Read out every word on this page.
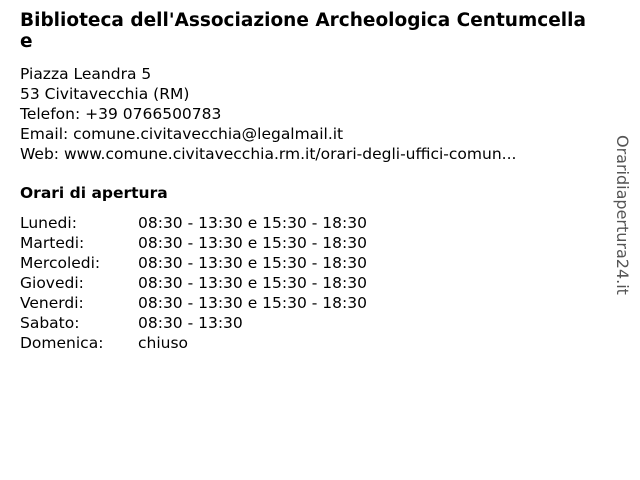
Biblioteca dell'Associazione Archeologica Centumcellae
Piazza Leandra 5
53 Civitavecchia (RM)
Telefon: +39 0766500783
Email: comune.civitavecchia@legalmail.it
Web: www.comune.civitavecchia.rm.it/orari-degli-uffici-comun...
Orari di apertura
Lunedi:	08:30 - 13:30 e 15:30 - 18:30
Martedi:	08:30 - 13:30 e 15:30 - 18:30
Mercoledi: 08:30 - 13:30 e 15:30 - 18:30
Giovedi:	08:30 - 13:30 e 15:30 - 18:30
Venerdi:	08:30 - 13:30 e 15:30 - 18:30
Sabato:	08:30 - 13:30
Domenica: chiuso
Oraridiapertura24.it
